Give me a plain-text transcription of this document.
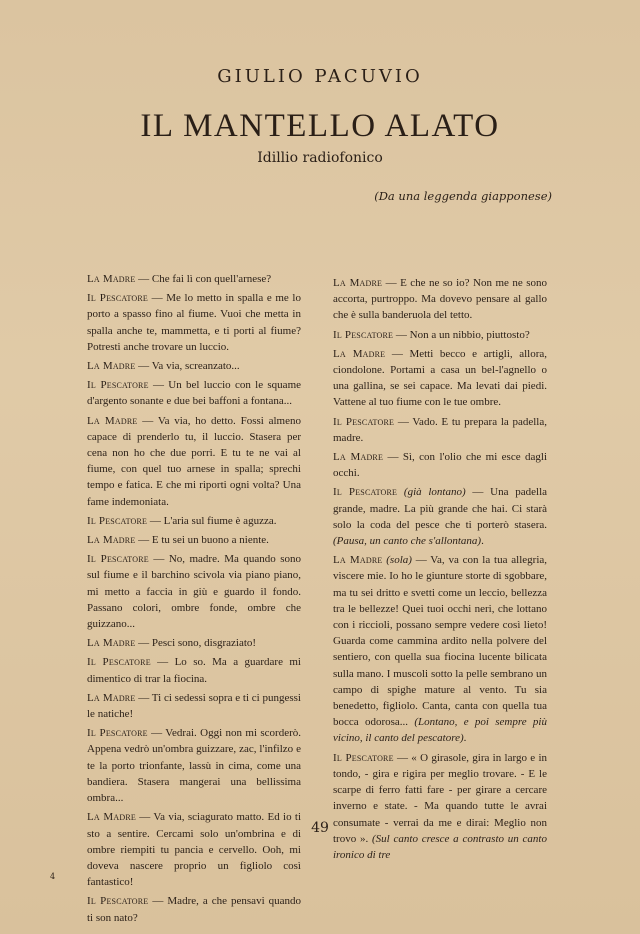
GIULIO PACUVIO
IL MANTELLO ALATO
Idillio radiofonico
(Da una leggenda giapponese)

La Madre — Che fai lì con quell'arnese?

Il Pescatore — Me lo metto in spalla e me lo porto a spasso fino al fiume. Vuoi che metta in spalla anche te, mammetta, e ti porti al fiume? Potresti anche trovare un luccio.

La Madre — Va via, screanzato...

Il Pescatore — Un bel luccio con le squame d'argento sonante e due bei baffoni a fontana...

La Madre — Va via, ho detto. Fossi almeno capace di prenderlo tu, il luccio. Stasera per cena non ho che due porri. E tu te ne vai al fiume, con quel tuo arnese in spalla; sprechi tempo e fatica. E che mi riporti ogni volta? Una fame indemoniata.

Il Pescatore — L'aria sul fiume è aguzza.

La Madre — E tu sei un buono a niente.

Il Pescatore — No, madre. Ma quando sono sul fiume e il barchino scivola via piano piano, mi metto a faccia in giù e guardo il fondo. Passano colori, ombre fonde, ombre che guizzano...

La Madre — Pesci sono, disgraziato!

Il Pescatore — Lo so. Ma a guardare mi dimentico di trar la fiocina.

La Madre — Ti ci sedessi sopra e ti ci pungessi le natiche!

Il Pescatore — Vedrai. Oggi non mi scorderò. Appena vedrò un'ombra guizzare, zac, l'infilzo e te la porto trionfante, lassù in cima, come una bandiera. Stasera mangerai una bellissima ombra...

La Madre — Va via, sciagurato matto. Ed io ti sto a sentire. Cercami solo un'ombrina e di ombre riempiti tu pancia e cervello. Ooh, mi doveva nascere proprio un figliolo così fantastico!

Il Pescatore — Madre, a che pensavi quando ti son nato?

La Madre — E che ne so io? Non me ne sono accorta, purtroppo. Ma dovevo pensare al gallo che è sulla banderuola del tetto.

Il Pescatore — Non a un nibbio, piuttosto?

La Madre — Metti becco e artigli, allora, ciondolone. Portami a casa un bel-l'agnello o una gallina, se sei capace. Ma levati dai piedi. Vattene al tuo fiume con le tue ombre.

Il Pescatore — Vado. E tu prepara la padella, madre.

La Madre — Sì, con l'olio che mi esce dagli occhi.

Il Pescatore (già lontano) — Una padella grande, madre. La più grande che hai. Ci starà solo la coda del pesce che ti porterò stasera. (Pausa, un canto che s'allontana).

La Madre (sola) — Va, va con la tua allegria, viscere mie. Io ho le giunture storte di sgobbare, ma tu sei dritto e svetti come un leccio, bellezza tra le bellezze! Quei tuoi occhi neri, che lottano con i riccioli, possano sempre vedere così lieto! Guarda come cammina ardito nella polvere del sentiero, con quella sua fiocina lucente bilicata sulla mano. I muscoli sotto la pelle sembrano un campo di spighe mature al vento. Tu sia benedetto, figliolo. Canta, canta con quella tua bocca odorosa... (Lontano, e poi sempre più vicino, il canto del pescatore).

Il Pescatore — « O girasole, gira in largo e in tondo, - gira e rigira per meglio trovare. - E le scarpe di ferro fatti fare - per girare a cercare inverno e state. - Ma quando tutte le avrai consumate - verrai da me e dirai: Meglio non trovo ». (Sul canto cresce a contrasto un canto ironico di tre

49
4
